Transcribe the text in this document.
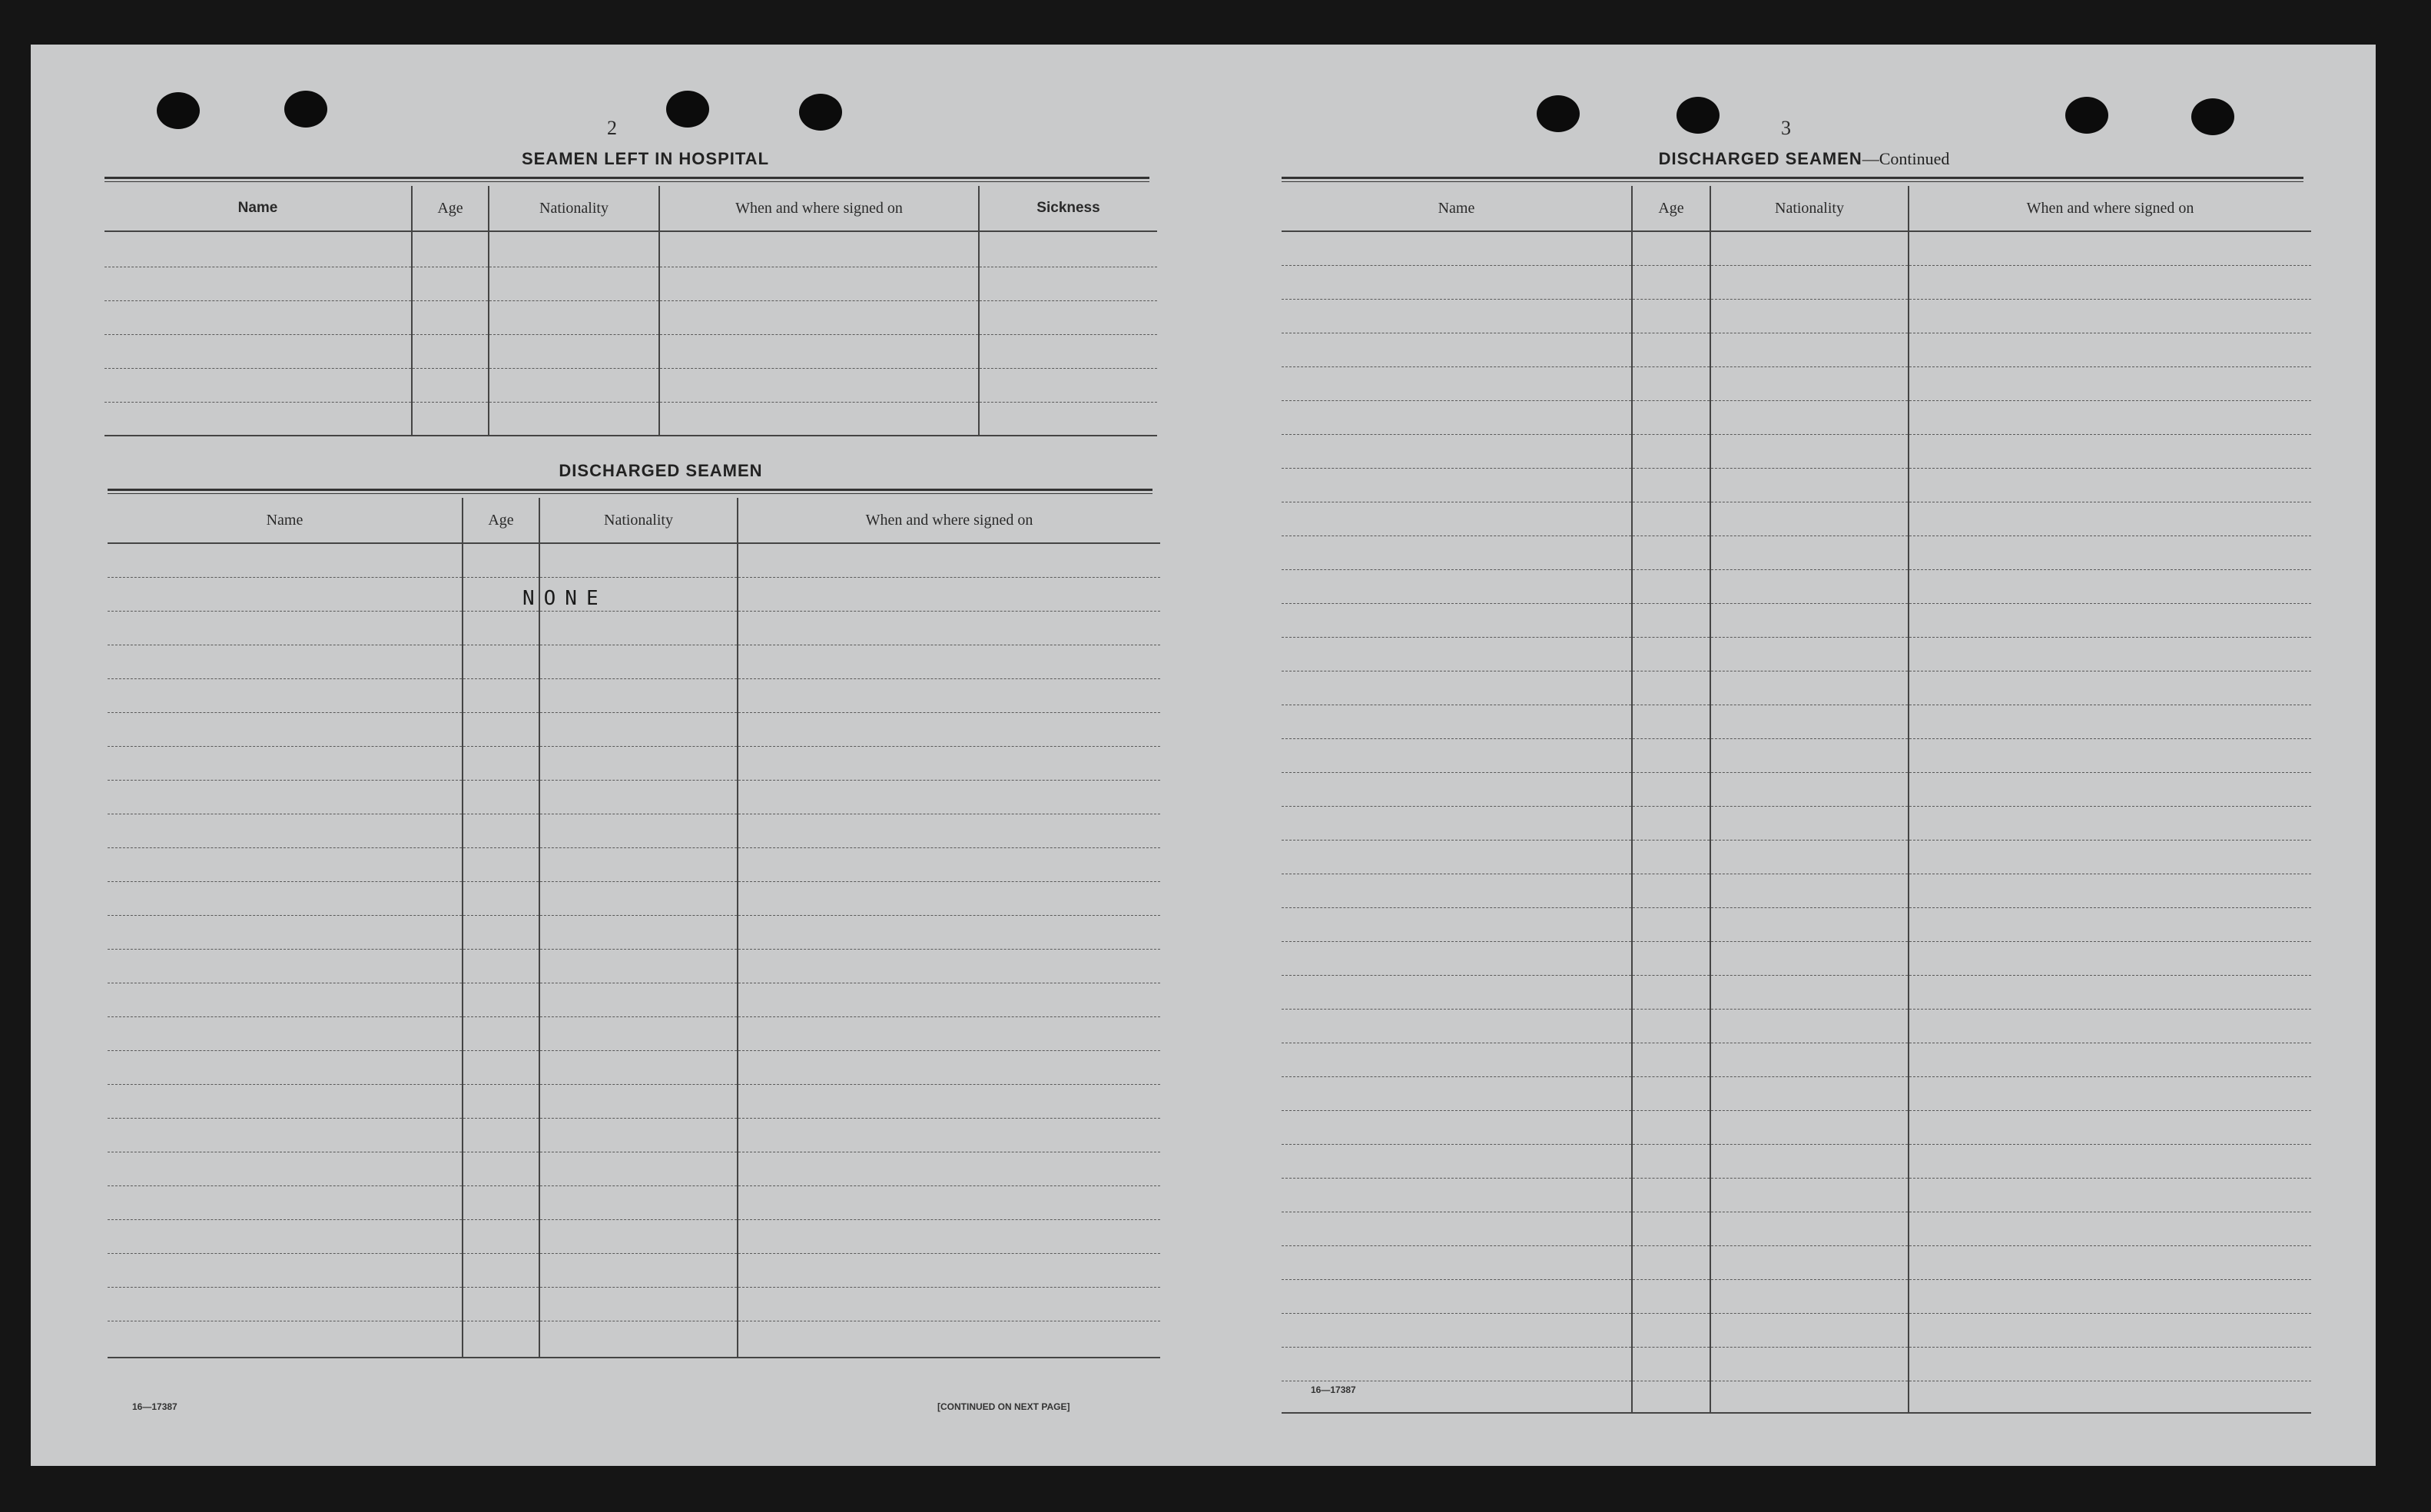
2
SEAMEN LEFT IN HOSPITAL
Name	Age	Nationality	When and where signed on	Sickness

DISCHARGED SEAMEN
Name	Age	Nationality	When and where signed on

NONE
16—17387	[CONTINUED ON NEXT PAGE]
3
DISCHARGED SEAMEN—Continued
Name	Age	Nationality	When and where signed on

16—17387
